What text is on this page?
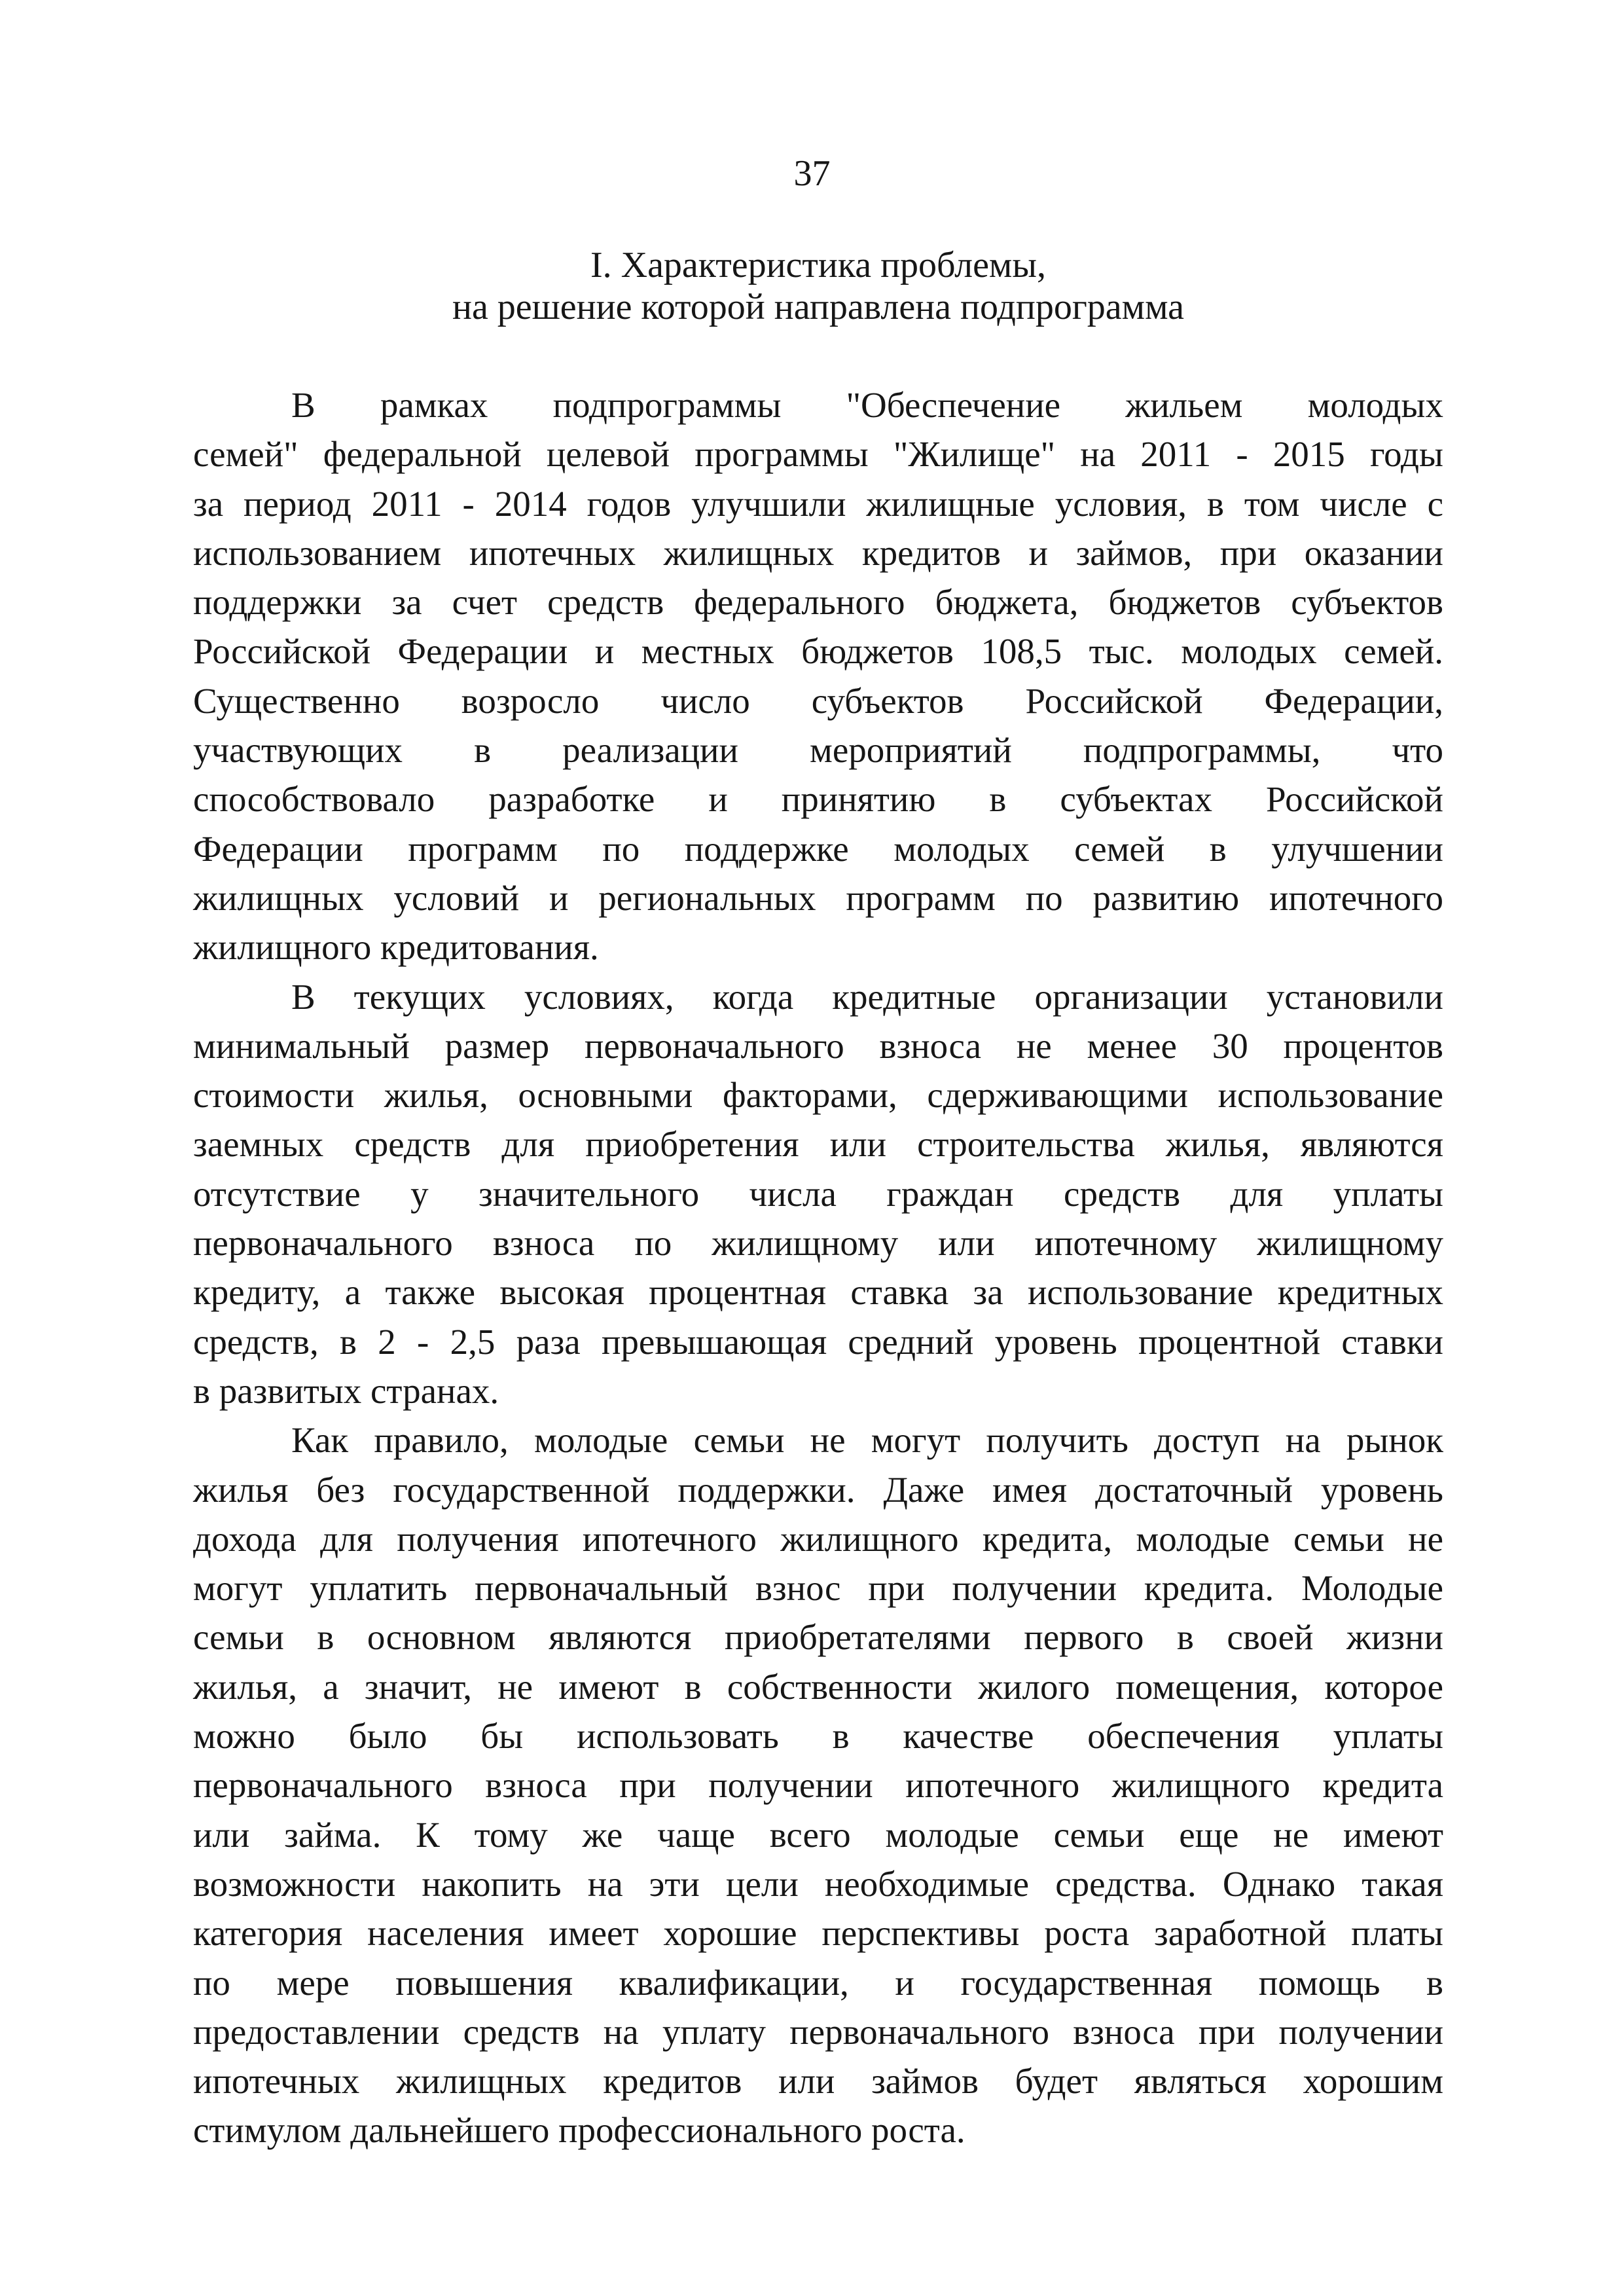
37
I. Характеристика проблемы,
на решение которой направлена подпрограмма
В рамках подпрограммы "Обеспечение жильем молодых
семей" федеральной целевой программы "Жилище" на 2011 - 2015 годы
за период 2011 - 2014 годов улучшили жилищные условия, в том числе с
использованием ипотечных жилищных кредитов и займов, при оказании
поддержки за счет средств федерального бюджета, бюджетов субъектов
Российской Федерации и местных бюджетов 108,5 тыс. молодых семей.
Существенно возросло число субъектов Российской Федерации,
участвующих в реализации мероприятий подпрограммы, что
способствовало разработке и принятию в субъектах Российской
Федерации программ по поддержке молодых семей в улучшении
жилищных условий и региональных программ по развитию ипотечного
жилищного кредитования.
В текущих условиях, когда кредитные организации установили
минимальный размер первоначального взноса не менее 30 процентов
стоимости жилья, основными факторами, сдерживающими использование
заемных средств для приобретения или строительства жилья, являются
отсутствие у значительного числа граждан средств для уплаты
первоначального взноса по жилищному или ипотечному жилищному
кредиту, а также высокая процентная ставка за использование кредитных
средств, в 2 - 2,5 раза превышающая средний уровень процентной ставки
в развитых странах.
Как правило, молодые семьи не могут получить доступ на рынок
жилья без государственной поддержки. Даже имея достаточный уровень
дохода для получения ипотечного жилищного кредита, молодые семьи не
могут уплатить первоначальный взнос при получении кредита. Молодые
семьи в основном являются приобретателями первого в своей жизни
жилья, а значит, не имеют в собственности жилого помещения, которое
можно было бы использовать в качестве обеспечения уплаты
первоначального взноса при получении ипотечного жилищного кредита
или займа. К тому же чаще всего молодые семьи еще не имеют
возможности накопить на эти цели необходимые средства. Однако такая
категория населения имеет хорошие перспективы роста заработной платы
по мере повышения квалификации, и государственная помощь в
предоставлении средств на уплату первоначального взноса при получении
ипотечных жилищных кредитов или займов будет являться хорошим
стимулом дальнейшего профессионального роста.
